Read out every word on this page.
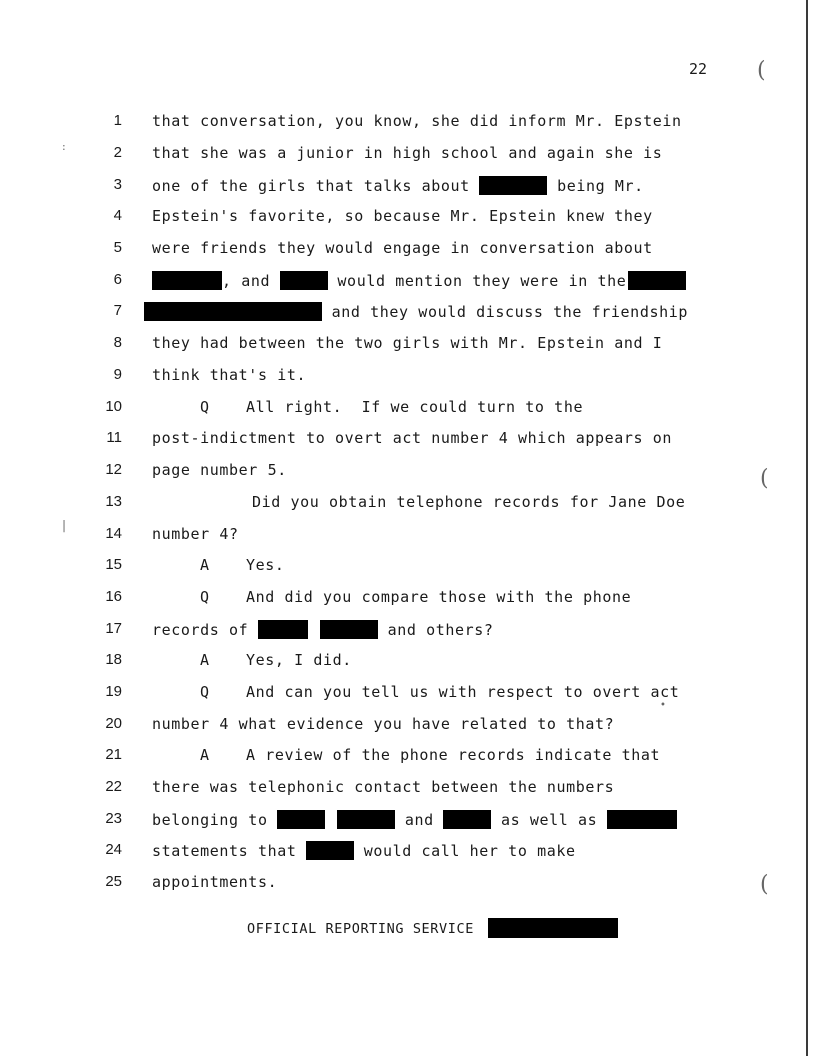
22
1 that conversation, you know, she did inform Mr. Epstein
2 that she was a junior in high school and again she is
3 one of the girls that talks about	being Mr.
4 Epstein's favorite, so because Mr. Epstein knew they
5 were friends they would engage in conversation about
6	, and	would mention they were in the
7	and they would discuss the friendship
8 they had between the two girls with Mr. Epstein and I
9 think that's it.
10	Q All right.  If we could turn to the
11 post-indictment to overt act number 4 which appears on
12 page number 5.
13	Did you obtain telephone records for Jane Doe
14 number 4?
15	A Yes.
16	Q And did you compare those with the phone
17 records of	and others?
18	A Yes, I did.
19	Q And can you tell us with respect to overt act
20 number 4 what evidence you have related to that?
21	A A review of the phone records indicate that
22 there was telephonic contact between the numbers
23 belonging to	and	as well as
24 statements that	would call her to make
25 appointments.
OFFICIAL REPORTING SERVICE
(
(
(
:
|
•
